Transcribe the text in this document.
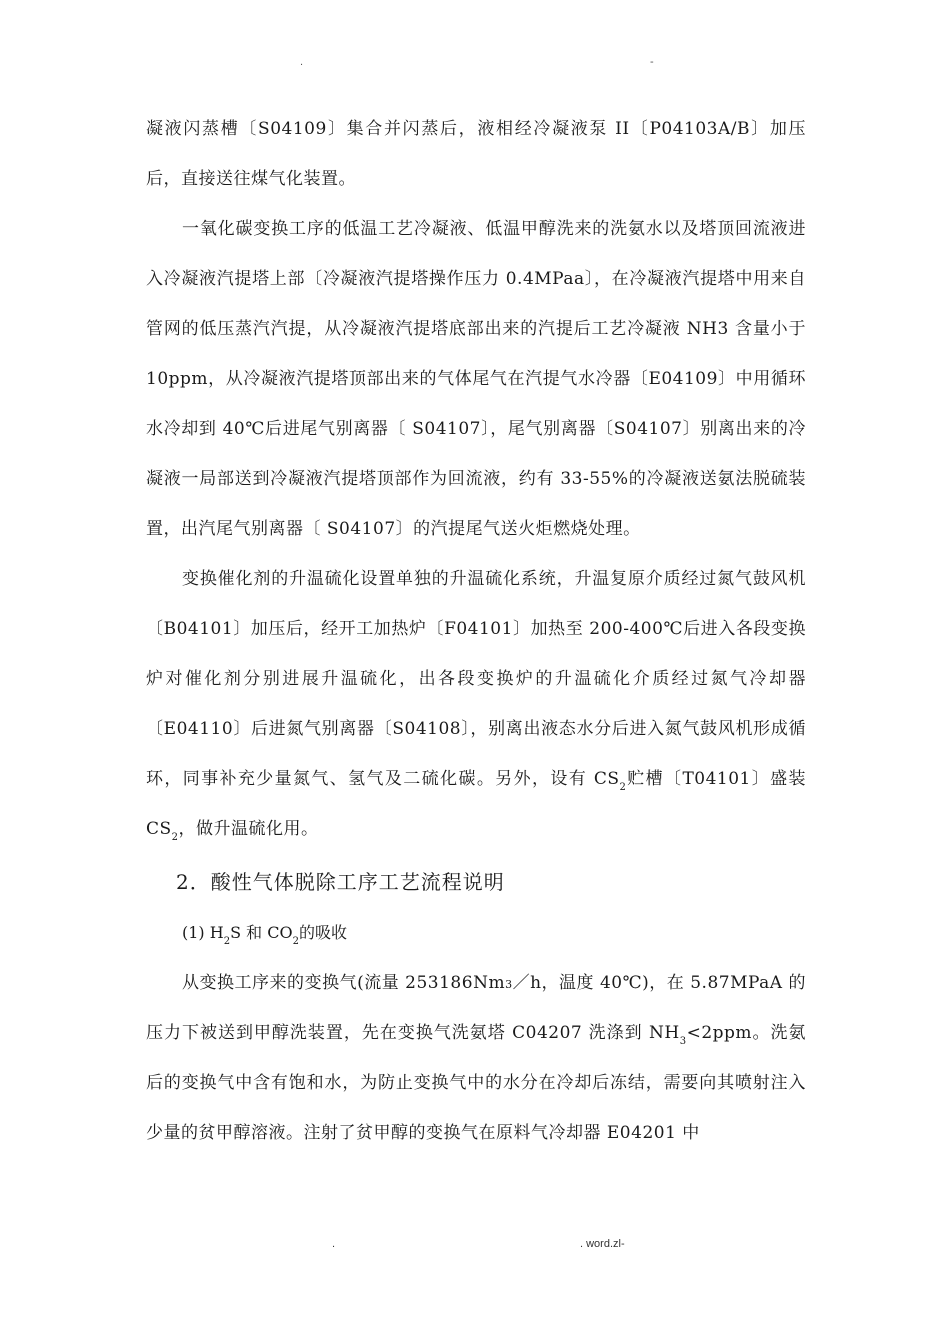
.	-

凝液闪蒸槽〔S04109〕集合并闪蒸后，液相经冷凝液泵 II〔P04103A/B〕加压后，直接送往煤气化装置。

一氧化碳变换工序的低温工艺冷凝液、低温甲醇洗来的洗氨水以及塔顶回流液进入冷凝液汽提塔上部〔冷凝液汽提塔操作压力 0.4MPaa〕，在冷凝液汽提塔中用来自管网的低压蒸汽汽提，从冷凝液汽提塔底部出来的汽提后工艺冷凝液 NH3 含量小于 10ppm，从冷凝液汽提塔顶部出来的气体尾气在汽提气水冷器〔E04109〕中用循环水冷却到 40℃后进尾气别离器〔 S04107〕，尾气别离器〔S04107〕别离出来的冷凝液一局部送到冷凝液汽提塔顶部作为回流液，约有 33-55%的冷凝液送氨法脱硫装置，出汽尾气别离器〔 S04107〕的汽提尾气送火炬燃烧处理。

变换催化剂的升温硫化设置单独的升温硫化系统，升温复原介质经过氮气鼓风机〔B04101〕加压后，经开工加热炉〔F04101〕加热至 200-400℃后进入各段变换炉对催化剂分别进展升温硫化，出各段变换炉的升温硫化介质经过氮气冷却器〔E04110〕后进氮气别离器〔S04108〕，别离出液态水分后进入氮气鼓风机形成循环，同事补充少量氮气、氢气及二硫化碳。另外，设有 $CS_2$贮槽〔T04101〕盛装 $CS_2$，做升温硫化用。

2．酸性气体脱除工序工艺流程说明
(1) $H_2S$ 和 $CO_2$的吸收

从变换工序来的变换气(流量 253186Nm3／h，温度 40℃)，在 5.87MPaA 的压力下被送到甲醇洗装置，先在变换气洗氨塔 C04207 洗涤到 $NH_3<2ppm$。洗氨后的变换气中含有饱和水，为防止变换气中的水分在冷却后冻结，需要向其喷射注入少量的贫甲醇溶液。注射了贫甲醇的变换气在原料气冷却器 E04201 中

.	. word.zl-
